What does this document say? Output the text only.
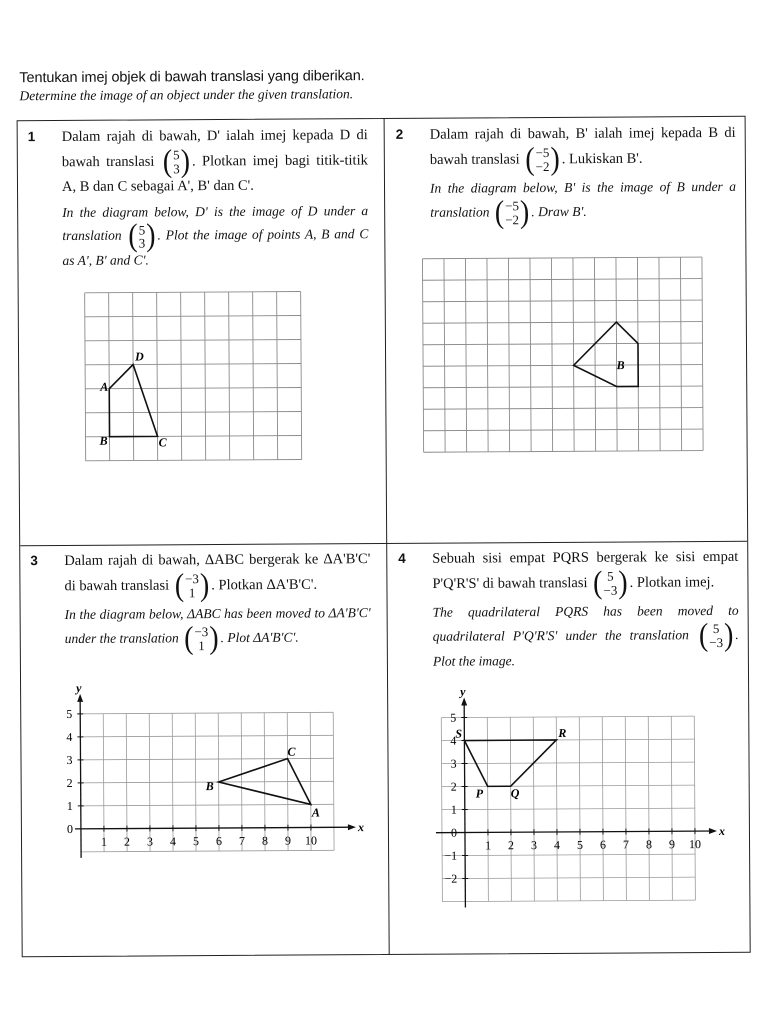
Tentukan imej objek di bawah translasi yang diberikan.
Determine the image of an object under the given translation.
1 Dalam rajah di bawah, D' ialah imej kepada D di bawah translasi ( 5
3 ) . Plotkan imej bagi titik-titik A, B dan C sebagai A', B' dan C'.

In the diagram below, D' is the image of D under a translation ( 5
3 ) . Plot the image of points A, B and C as A', B' and C'.

A
B	C
D
2 Dalam rajah di bawah, B' ialah imej kepada B di bawah translasi ( −5
−2 ) . Lukiskan B'.

In the diagram below, B' is the image of B under a translation ( −5
−2 ) . Draw B'.

B
3 Dalam rajah di bawah, ΔABC bergerak ke ΔA'B'C' di bawah translasi ( −3
1 ) . Plotkan ΔA'B'C'.

In the diagram below, ΔABC has been moved to ΔA'B'C' under the translation ( −3
1 ) . Plot ΔA'B'C'.

x
y
1 2 3 4 5 6 7 8 9 10
1
2
3
4
5
0
A
B
C
4 Sebuah sisi empat PQRS bergerak ke sisi empat P'Q'R'S' di bawah translasi ( 5
−3 ) . Plotkan imej.

The quadrilateral PQRS has been moved to quadrilateral P'Q'R'S' under the translation ( 5
−3 ) . Plot the image.

x
y
1 2 3 4 5 6 7 8 9 10
−2
−1
1
2
3
4
5
0
S	R
Q
P
